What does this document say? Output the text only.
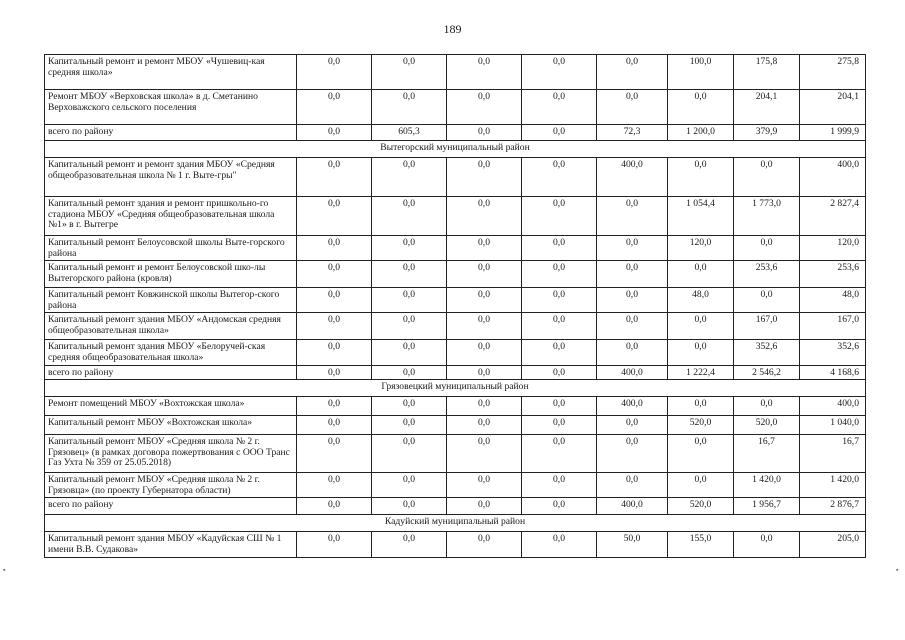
189
Капитальный ремонт и ремонт МБОУ «Чушевиц-кая средняя школа»	0,0	0,0	0,0	0,0	0,0	100,0	175,8	275,8
Ремонт МБОУ «Верховская школа» в д. Сметанино Верховажского сельского поселения	0,0	0,0	0,0	0,0	0,0	0,0	204,1	204,1
всего по району	0,0	605,3	0,0	0,0	72,3	1 200,0	379,9	1 999,9
Вытегорский муниципальный район								
Капитальный ремонт и ремонт здания МБОУ «Средняя общеобразовательная школа № 1 г. Выте-гры"	0,0	0,0	0,0	0,0	400,0	0,0	0,0	400,0
Капитальный ремонт здания и ремонт пришкольно-го стадиона МБОУ «Средняя общеобразовательная школа №1» в г. Вытегре	0,0	0,0	0,0	0,0	0,0	1 054,4	1 773,0	2 827,4
Капитальный ремонт Белоусовской школы Выте-горского района	0,0	0,0	0,0	0,0	0,0	120,0	0,0	120,0
Капитальный ремонт и ремонт Белоусовской шко-лы Вытегорского района (кровля)	0,0	0,0	0,0	0,0	0,0	0,0	253,6	253,6
Капитальный ремонт Ковжинской школы Вытегор-ского района	0,0	0,0	0,0	0,0	0,0	48,0	0,0	48,0
Капитальный ремонт здания МБОУ «Андомская средняя общеобразовательная школа»	0,0	0,0	0,0	0,0	0,0	0,0	167,0	167,0
Капитальный ремонт здания МБОУ «Белоручей-ская средняя общеобразовательная школа»	0,0	0,0	0,0	0,0	0,0	0,0	352,6	352,6
всего по району	0,0	0,0	0,0	0,0	400,0	1 222,4	2 546,2	4 168,6
Грязовецкий муниципальный район								
Ремонт помещений МБОУ «Вохтожская школа»	0,0	0,0	0,0	0,0	400,0	0,0	0,0	400,0
Капитальный ремонт МБОУ «Вохтожская школа»	0,0	0,0	0,0	0,0	0,0	520,0	520,0	1 040,0
Капитальный ремонт МБОУ «Средняя школа № 2 г. Грязовец» (в рамках договора пожертвования с ООО Транс Газ Ухта № 359 от 25.05.2018)	0,0	0,0	0,0	0,0	0,0	0,0	16,7	16,7
Капитальный ремонт МБОУ «Средняя школа № 2 г. Грязовца» (по проекту Губернатора области)	0,0	0,0	0,0	0,0	0,0	0,0	1 420,0	1 420,0
всего по району	0,0	0,0	0,0	0,0	400,0	520,0	1 956,7	2 876,7
Кадуйский муниципальный район								
Капитальный ремонт здания МБОУ «Кадуйская СШ № 1 имени В.В. Судакова»	0,0	0,0	0,0	0,0	50,0	155,0	0,0	205,0
▪	▪
